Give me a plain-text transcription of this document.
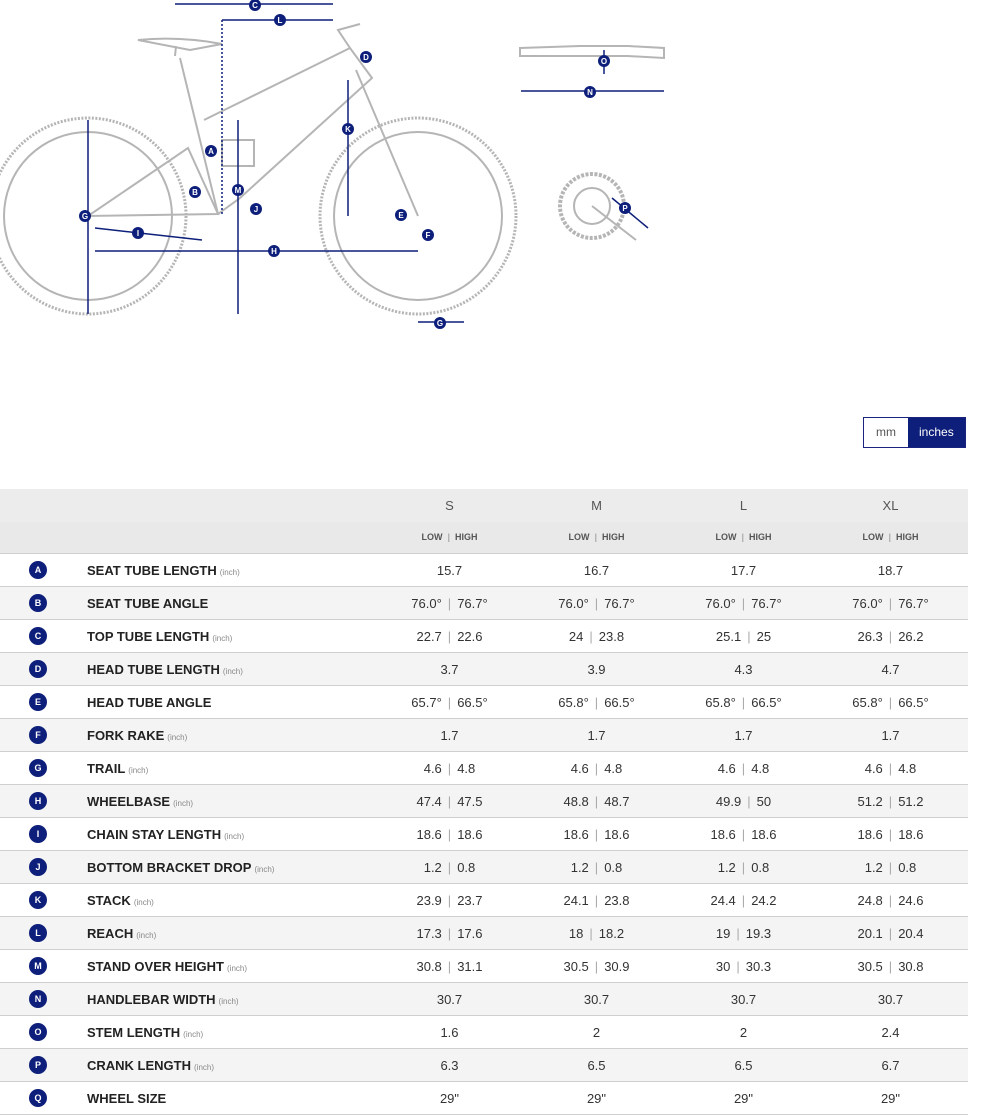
A
B
C
D
E
F
G
G
H
I
J
K
L
M
N
O
P
mm	inches
S	M	L	XL
LOW | HIGH	LOW | HIGH	LOW | HIGH	LOW | HIGH
A	SEAT TUBE LENGTH (inch)	15.7	16.7	17.7	18.7
B	SEAT TUBE ANGLE	76.0° | 76.7°	76.0° | 76.7°	76.0° | 76.7°	76.0° | 76.7°
C	TOP TUBE LENGTH (inch)	22.7 | 22.6	24 | 23.8	25.1 | 25	26.3 | 26.2
D	HEAD TUBE LENGTH (inch)	3.7	3.9	4.3	4.7
E	HEAD TUBE ANGLE	65.7° | 66.5°	65.8° | 66.5°	65.8° | 66.5°	65.8° | 66.5°
F	FORK RAKE (inch)	1.7	1.7	1.7	1.7
G	TRAIL (inch)	4.6 | 4.8	4.6 | 4.8	4.6 | 4.8	4.6 | 4.8
H	WHEELBASE (inch)	47.4 | 47.5	48.8 | 48.7	49.9 | 50	51.2 | 51.2
I	CHAIN STAY LENGTH (inch)	18.6 | 18.6	18.6 | 18.6	18.6 | 18.6	18.6 | 18.6
J	BOTTOM BRACKET DROP (inch)	1.2 | 0.8	1.2 | 0.8	1.2 | 0.8	1.2 | 0.8
K	STACK (inch)	23.9 | 23.7	24.1 | 23.8	24.4 | 24.2	24.8 | 24.6
L	REACH (inch)	17.3 | 17.6	18 | 18.2	19 | 19.3	20.1 | 20.4
M	STAND OVER HEIGHT (inch)	30.8 | 31.1	30.5 | 30.9	30 | 30.3	30.5 | 30.8
N	HANDLEBAR WIDTH (inch)	30.7	30.7	30.7	30.7
O	STEM LENGTH (inch)	1.6	2	2	2.4
P	CRANK LENGTH (inch)	6.3	6.5	6.5	6.7
Q	WHEEL SIZE	29"	29"	29"	29"
